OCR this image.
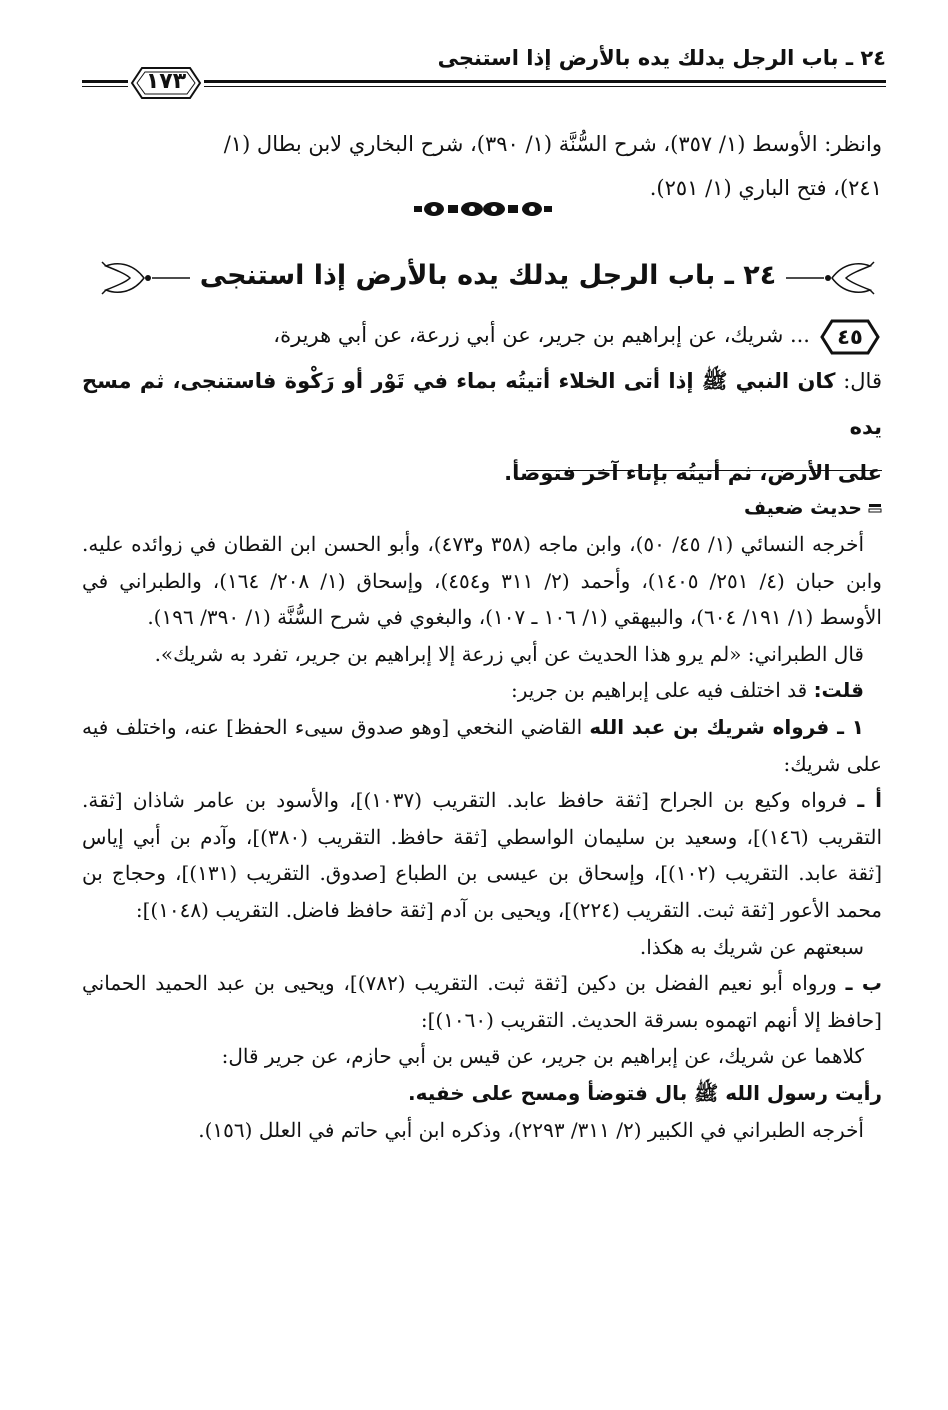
٢٤ ـ باب الرجل يدلك يده بالأرض إذا استنجى
١٧٣
وانظر: الأوسط (١/ ٣٥٧)، شرح السُّنَّة (١/ ٣٩٠)، شرح البخاري لابن بطال (١/
٢٤١)، فتح الباري (١/ ٢٥١).
٢٤ ـ باب الرجل يدلك يده بالأرض إذا استنجى
٤٥
... شريك، عن إبراهيم بن جرير، عن أبي زرعة، عن أبي هريرة،
قال: كان النبي ﷺ إذا أتى الخلاء أتيتُه بماء في تَوْر أو رَكْوة فاستنجى، ثم مسح يده
على الأرض، ثم أتيتُه بإناء آخر فتوضأ.
حديث ضعيف

أخرجه النسائي (١/ ٤٥/ ٥٠)، وابن ماجه (٣٥٨ و٤٧٣)، وأبو الحسن ابن القطان في زوائده عليه. وابن حبان (٤/ ٢٥١/ ١٤٠٥)، وأحمد (٢/ ٣١١ و٤٥٤)، وإسحاق (١/ ٢٠٨/ ١٦٤)، والطبراني في الأوسط (١/ ١٩١/ ٦٠٤)، والبيهقي (١/ ١٠٦ ـ ١٠٧)، والبغوي في شرح السُّنَّة (١/ ٣٩٠/ ١٩٦).

قال الطبراني: «لم يرو هذا الحديث عن أبي زرعة إلا إبراهيم بن جرير، تفرد به شريك».

قلت: قد اختلف فيه على إبراهيم بن جرير:

١ ـ فرواه شريك بن عبد الله القاضي النخعي [وهو صدوق سيىء الحفظ] عنه، واختلف فيه على شريك:

أ ـ فرواه وكيع بن الجراح [ثقة حافظ عابد. التقريب (١٠٣٧)]، والأسود بن عامر شاذان [ثقة. التقريب (١٤٦)]، وسعيد بن سليمان الواسطي [ثقة حافظ. التقريب (٣٨٠)]، وآدم بن أبي إياس [ثقة عابد. التقريب (١٠٢)]، وإسحاق بن عيسى بن الطباع [صدوق. التقريب (١٣١)]، وحجاج بن محمد الأعور [ثقة ثبت. التقريب (٢٢٤)]، ويحيى بن آدم [ثقة حافظ فاضل. التقريب (١٠٤٨)]:

سبعتهم عن شريك به هكذا.

ب ـ ورواه أبو نعيم الفضل بن دكين [ثقة ثبت. التقريب (٧٨٢)]، ويحيى بن عبد الحميد الحماني [حافظ إلا أنهم اتهموه بسرقة الحديث. التقريب (١٠٦٠)]:

كلاهما عن شريك، عن إبراهيم بن جرير، عن قيس بن أبي حازم، عن جرير قال:

رأيت رسول الله ﷺ بال فتوضأ ومسح على خفيه.

أخرجه الطبراني في الكبير (٢/ ٣١١/ ٢٢٩٣)، وذكره ابن أبي حاتم في العلل (١٥٦).
